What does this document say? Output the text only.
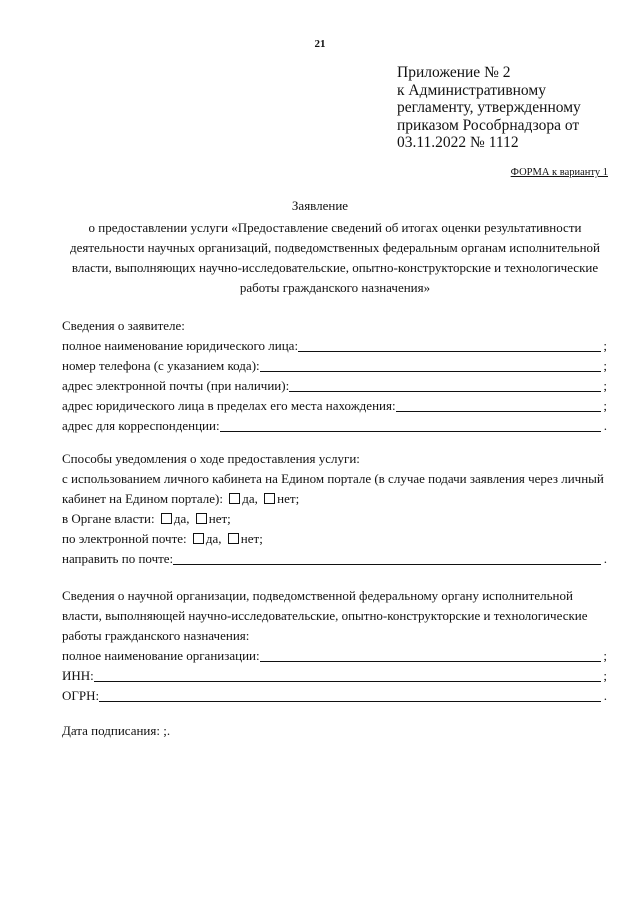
21
Приложение № 2
к Административному
регламенту, утвержденному
приказом Рособрнадзора от
03.11.2022 № 1112
ФОРМА к варианту 1
Заявление
о предоставлении услуги «Предоставление сведений об итогах оценки результативности деятельности научных организаций, подведомственных федеральным органам исполнительной власти, выполняющих научно-исследовательские, опытно-конструкторские и технологические работы гражданского назначения»
Сведения о заявителе:
полное наименование юридического лица:	;
номер телефона (с указанием кода):	;
адрес электронной почты (при наличии):	;
адрес юридического лица в пределах его места нахождения:	;
адрес для корреспонденции:	.
Способы уведомления о ходе предоставления услуги:
с использованием личного кабинета на Едином портале (в случае подачи заявления через личный кабинет на Едином портале): да, нет;
в Органе власти: да, нет;
по электронной почте: да, нет;
направить по почте:	.
Сведения о научной организации, подведомственной федеральному органу исполнительной власти, выполняющей научно-исследовательские, опытно-конструкторские и технологические работы гражданского назначения:
полное наименование организации:	;
ИНН:	;
ОГРН:	.
Дата подписания: ;.
